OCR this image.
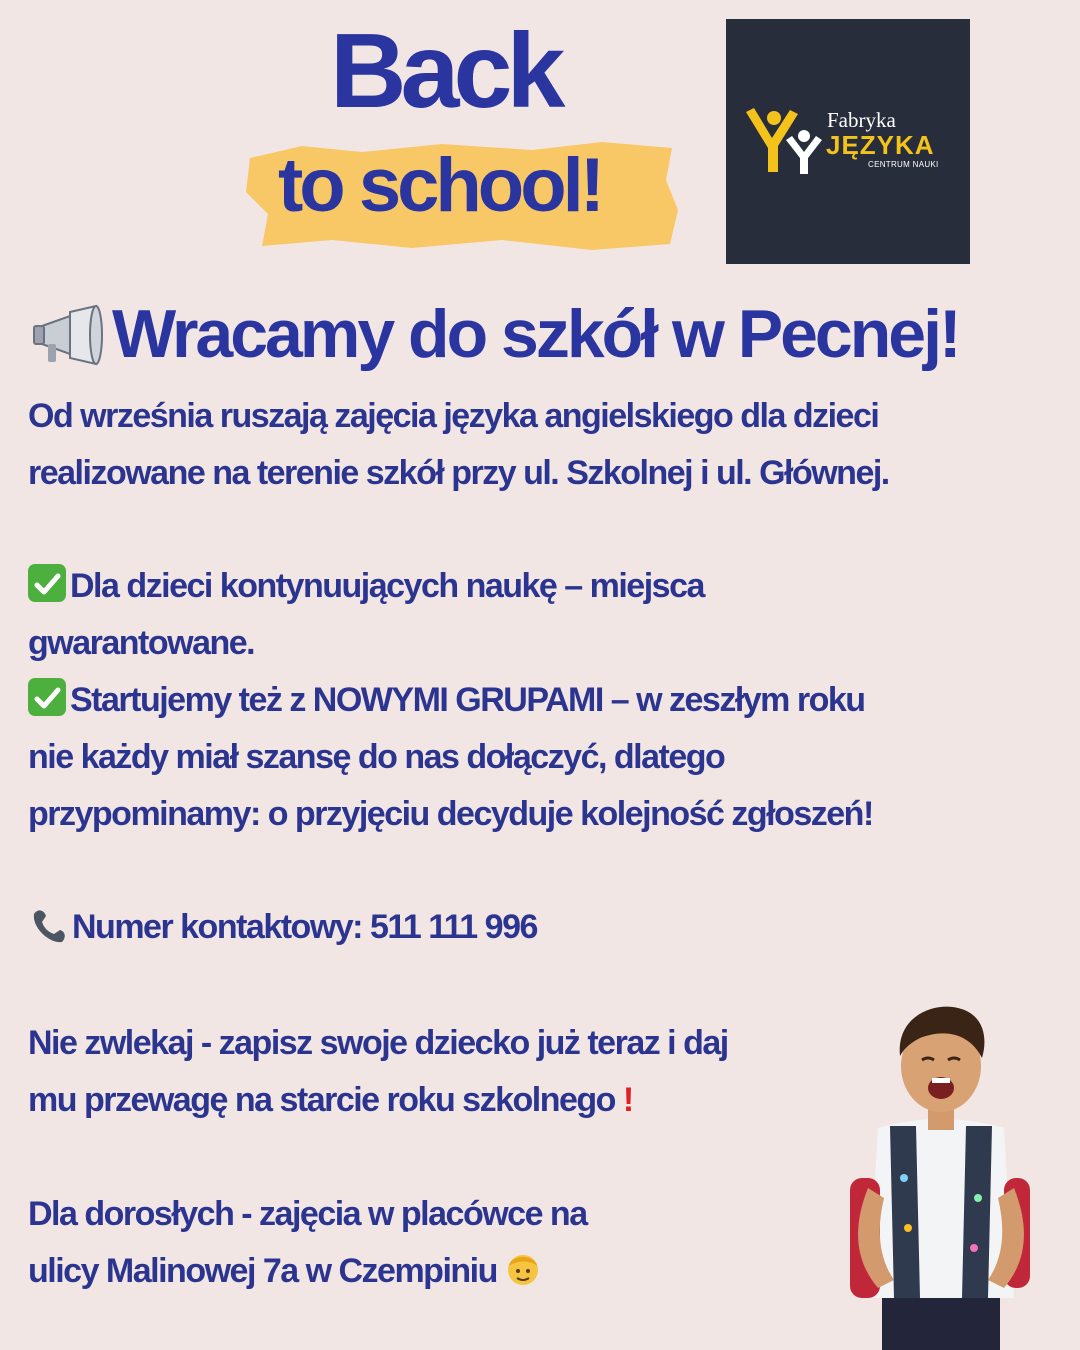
Back
to school!
Fabryka
JĘZYKA
CENTRUM NAUKI
Wracamy do szkół w Pecnej!
Od września ruszają zajęcia języka angielskiego dla dzieci
realizowane na terenie szkół przy ul. Szkolnej i ul. Głównej.
Dla dzieci kontynuujących naukę – miejsca
gwarantowane.
Startujemy też z NOWYMI GRUPAMI – w zeszłym roku
nie każdy miał szansę do nas dołączyć, dlatego
przypominamy: o przyjęciu decyduje kolejność zgłoszeń!
Numer kontaktowy: 511 111 996
Nie zwlekaj - zapisz swoje dziecko już teraz i daj
mu przewagę na starcie roku szkolnego !
Dla dorosłych - zajęcia w placówce na
ulicy Malinowej 7a w Czempiniu
